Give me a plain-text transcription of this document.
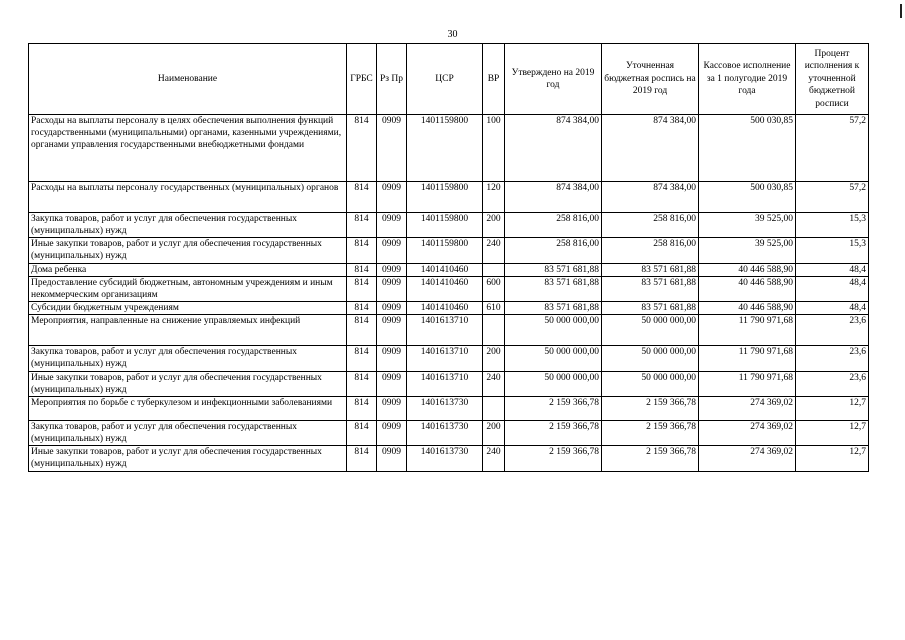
30
Наименование	ГРБС	Рз Пр	ЦСР	ВР	Утверждено на 2019 год	Уточненная бюджетная роспись на 2019 год	Кассовое исполнение за 1 полугодие 2019 года	Процент исполнения к уточненной бюджетной росписи
Расходы на выплаты персоналу в целях обеспечения выполнения функций государственными (муниципальными) органами, казенными учреждениями, органами управления государственными внебюджетными фондами	814	0909	1401159800	100	874 384,00	874 384,00	500 030,85	57,2
Расходы на выплаты персоналу государственных (муниципальных) органов	814	0909	1401159800	120	874 384,00	874 384,00	500 030,85	57,2
Закупка товаров, работ и услуг для обеспечения государственных (муниципальных) нужд	814	0909	1401159800	200	258 816,00	258 816,00	39 525,00	15,3
Иные закупки товаров, работ и услуг для обеспечения государственных (муниципальных) нужд	814	0909	1401159800	240	258 816,00	258 816,00	39 525,00	15,3
Дома ребенка	814	0909	1401410460		83 571 681,88	83 571 681,88	40 446 588,90	48,4
Предоставление субсидий бюджетным, автономным учреждениям и иным некоммерческим организациям	814	0909	1401410460	600	83 571 681,88	83 571 681,88	40 446 588,90	48,4
Субсидии бюджетным учреждениям	814	0909	1401410460	610	83 571 681,88	83 571 681,88	40 446 588,90	48,4
Мероприятия, направленные на снижение управляемых инфекций	814	0909	1401613710		50 000 000,00	50 000 000,00	11 790 971,68	23,6
Закупка товаров, работ и услуг для обеспечения государственных (муниципальных) нужд	814	0909	1401613710	200	50 000 000,00	50 000 000,00	11 790 971,68	23,6
Иные закупки товаров, работ и услуг для обеспечения государственных (муниципальных) нужд	814	0909	1401613710	240	50 000 000,00	50 000 000,00	11 790 971,68	23,6
Мероприятия по борьбе с туберкулезом и инфекционными заболеваниями	814	0909	1401613730		2 159 366,78	2 159 366,78	274 369,02	12,7
Закупка товаров, работ и услуг для обеспечения государственных (муниципальных) нужд	814	0909	1401613730	200	2 159 366,78	2 159 366,78	274 369,02	12,7
Иные закупки товаров, работ и услуг для обеспечения государственных (муниципальных) нужд	814	0909	1401613730	240	2 159 366,78	2 159 366,78	274 369,02	12,7
